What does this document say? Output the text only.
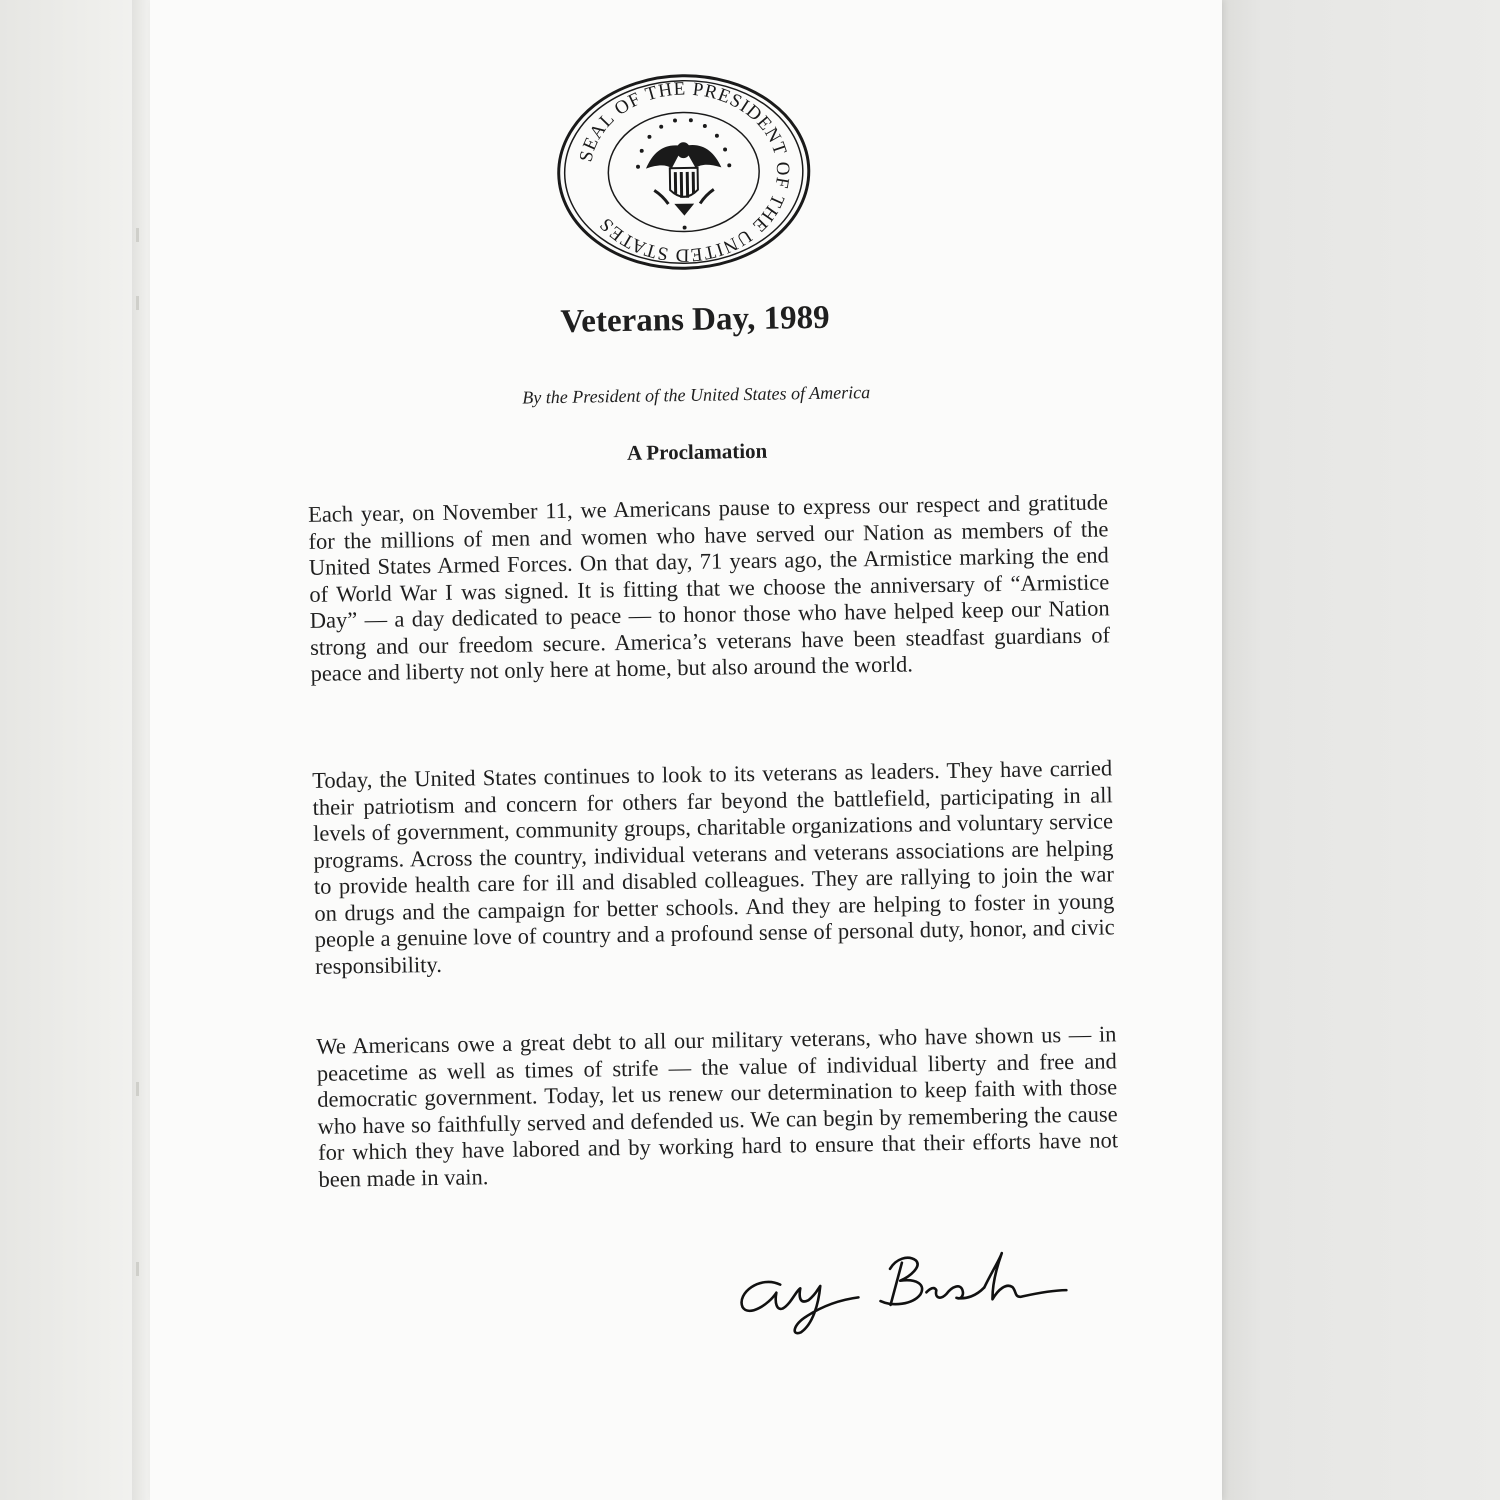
SEAL OF THE PRESIDENT OF THE UNITED STATES
Veterans Day, 1989
By the President of the United States of America
A Proclamation

Each year, on November 11, we Americans pause to express our respect and gratitude for the millions of men and women who have served our Nation as members of the United States Armed Forces. On that day, 71 years ago, the Armistice marking the end of World War I was signed. It is fitting that we choose the anniversary of “Armistice Day” — a day dedicated to peace — to honor those who have helped keep our Nation strong and our freedom secure. America’s veterans have been steadfast guardians of peace and liberty not only here at home, but also around the world.

Today, the United States continues to look to its veterans as leaders. They have carried their patriotism and concern for others far beyond the battlefield, participating in all levels of government, community groups, charitable organizations and voluntary service programs. Across the country, individual veterans and veterans associations are helping to provide health care for ill and disabled colleagues. They are rallying to join the war on drugs and the campaign for better schools. And they are helping to foster in young people a genuine love of country and a profound sense of personal duty, honor, and civic responsibility.

We Americans owe a great debt to all our military veterans, who have shown us — in peacetime as well as times of strife — the value of individual liberty and free and democratic government. Today, let us renew our determination to keep faith with those who have so faithfully served and defended us. We can begin by remembering the cause for which they have labored and by working hard to ensure that their efforts have not been made in vain.
